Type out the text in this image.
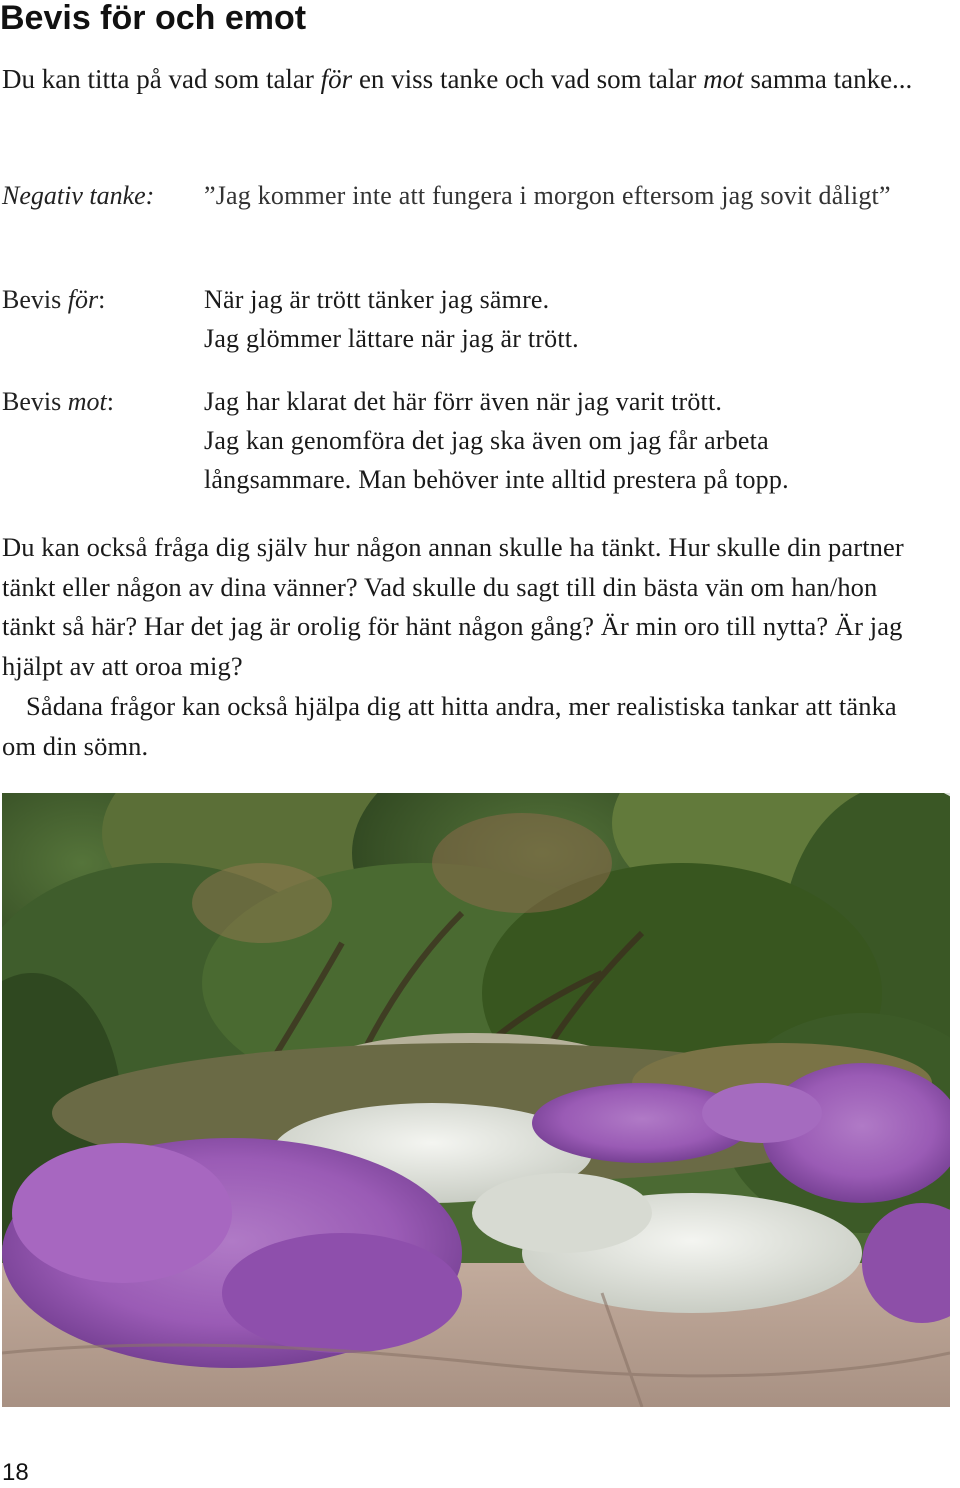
Bevis för och emot

Du kan titta på vad som talar för en viss tanke och vad som talar mot samma tanke...

Negativ tanke: ”Jag kommer inte att fungera i morgon eftersom jag sovit dåligt”
Bevis för:	När jag är trött tänker jag sämre.
Jag glömmer lättare när jag är trött.
Bevis mot:	Jag har klarat det här förr även när jag varit trött.
Jag kan genomföra det jag ska även om jag får arbeta långsammare. Man behöver inte alltid prestera på topp.

Du kan också fråga dig själv hur någon annan skulle ha tänkt. Hur skulle din partner tänkt eller någon av dina vänner? Vad skulle du sagt till din bästa vän om han/hon tänkt så här? Har det jag är orolig för hänt någon gång? Är min oro till nytta? Är jag hjälpt av att oroa mig?

Sådana frågor kan också hjälpa dig att hitta andra, mer realistiska tankar att tänka om din sömn.

18
